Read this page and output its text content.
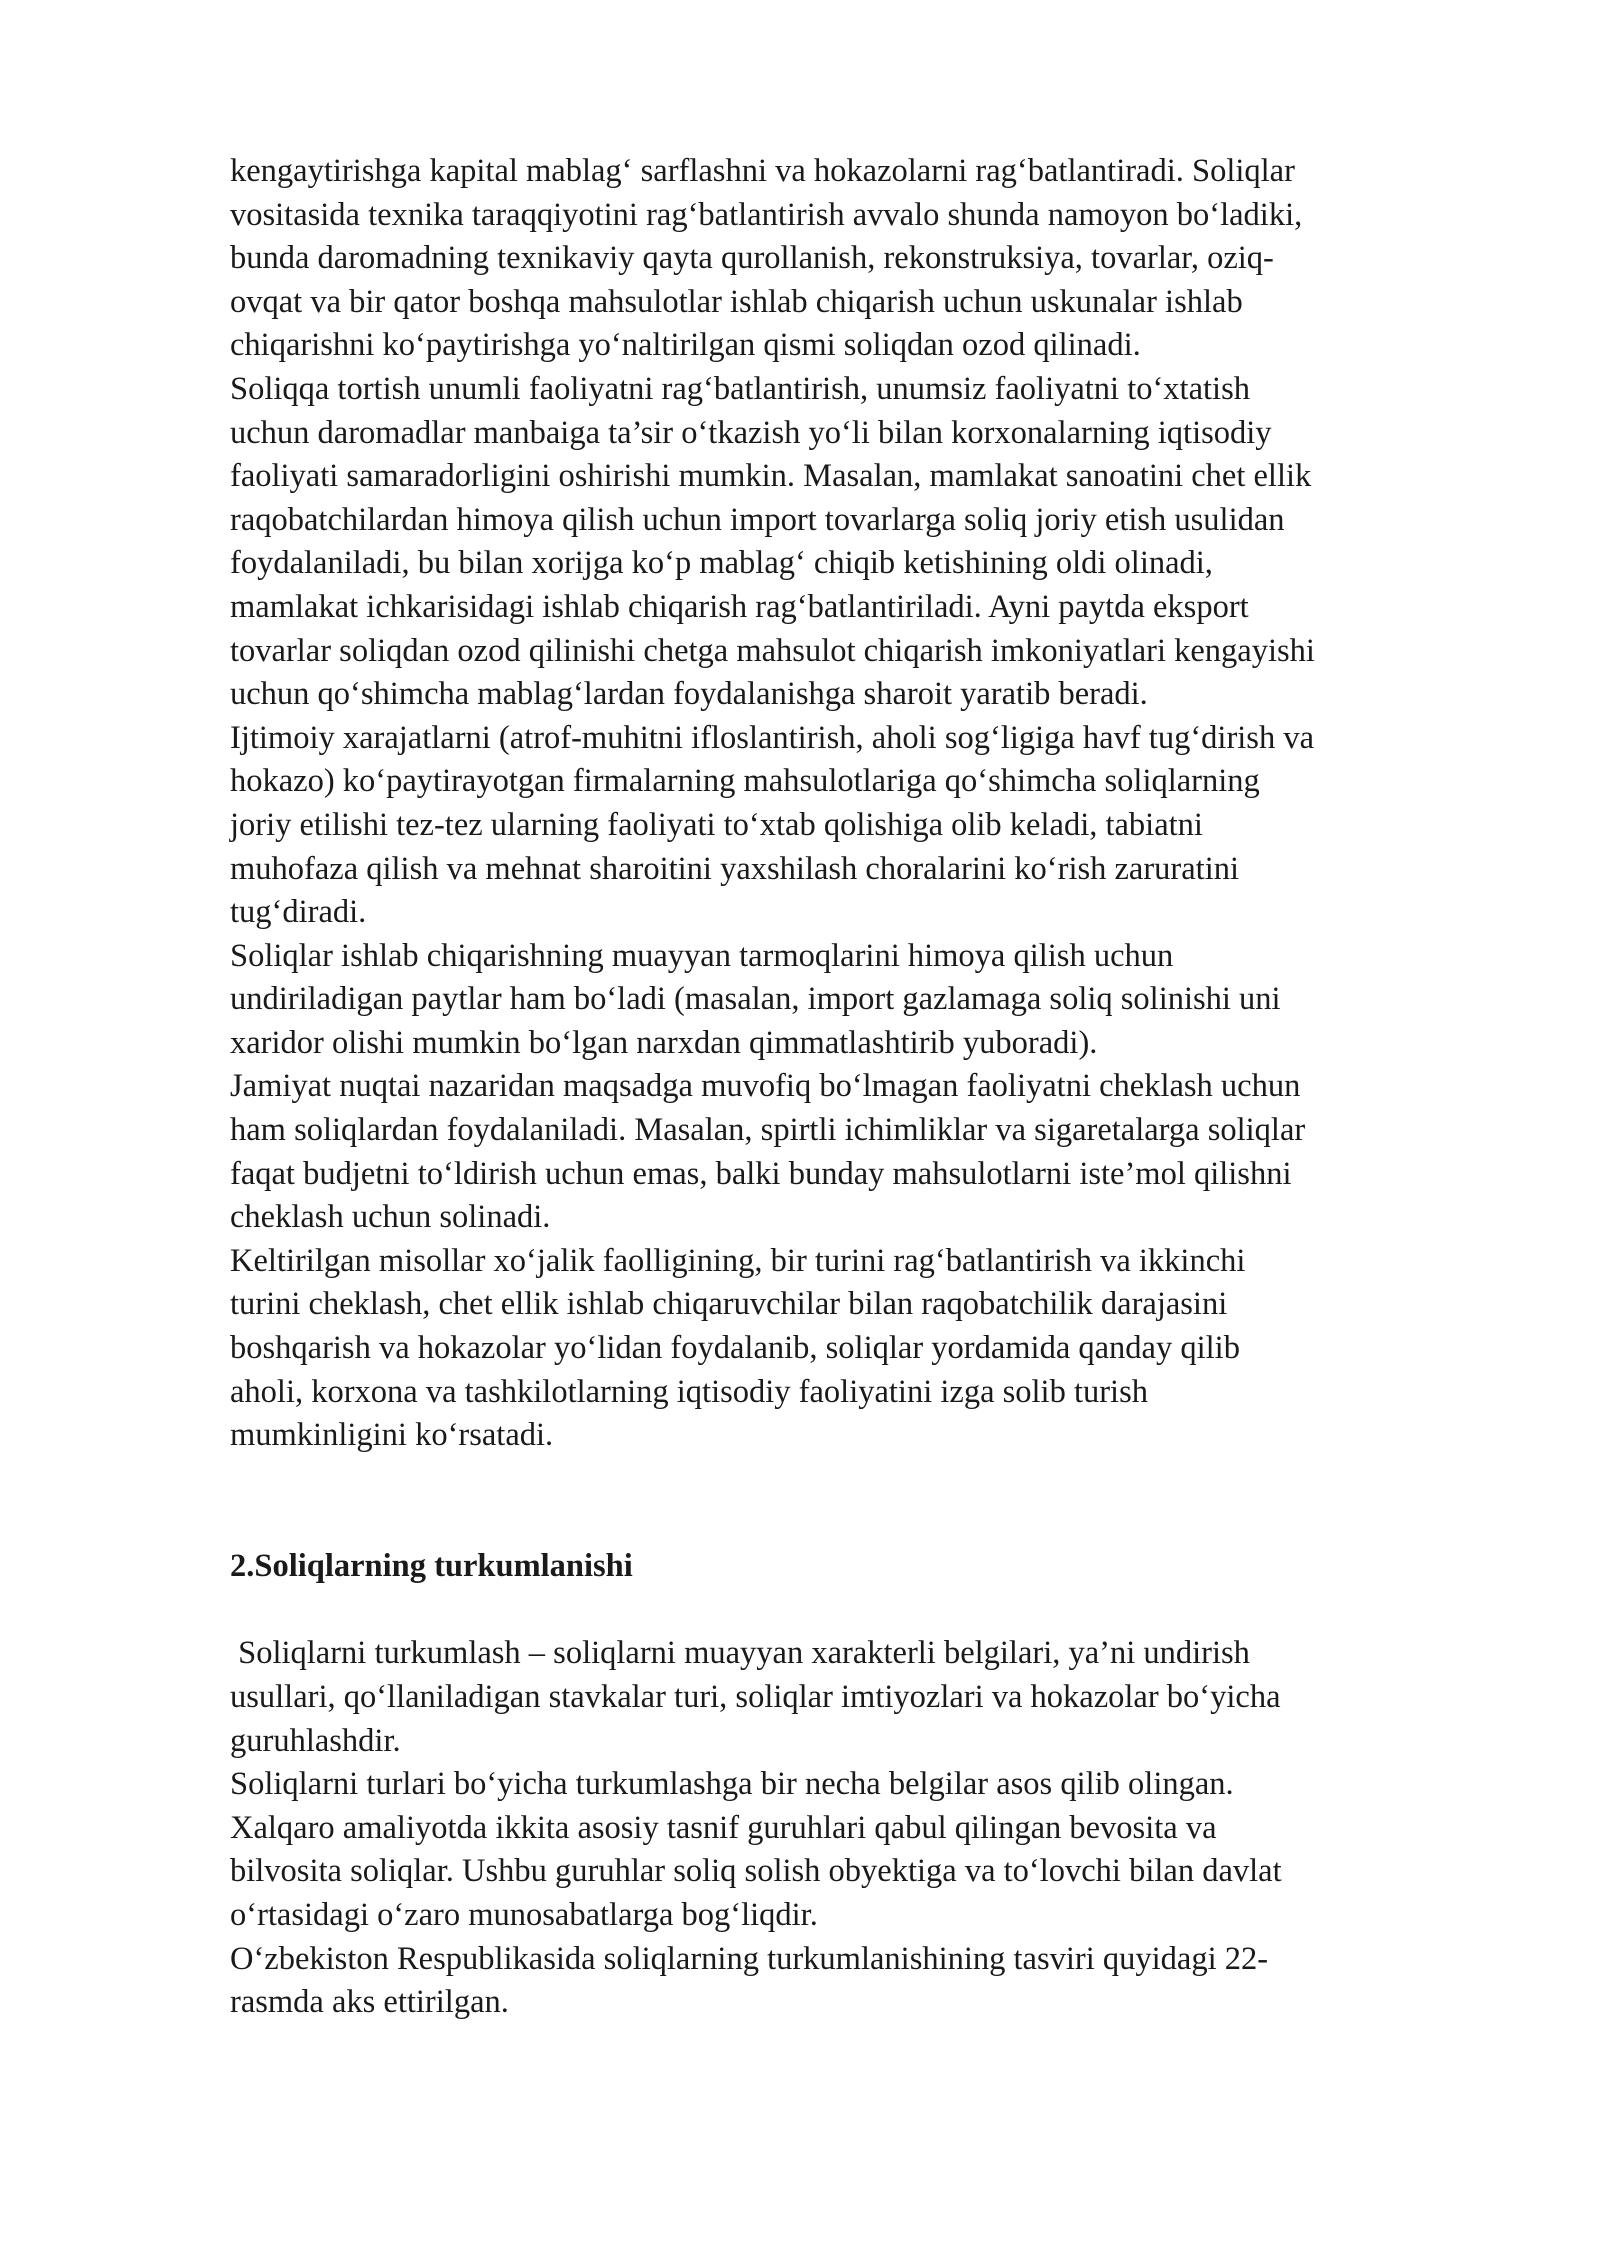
kengaytirishga kapital mablag‘ sarflashni va hokazolarni rag‘batlantiradi. Soliqlar
vositasida texnika taraqqiyotini rag‘batlantirish avvalo shunda namoyon bo‘ladiki,
bunda daromadning texnikaviy qayta qurollanish, rekonstruksiya, tovarlar, oziq-
ovqat va bir qator boshqa mahsulotlar ishlab chiqarish uchun uskunalar ishlab
chiqarishni ko‘paytirishga yo‘naltirilgan qismi soliqdan ozod qilinadi.
Soliqqa tortish unumli faoliyatni rag‘batlantirish, unumsiz faoliyatni to‘xtatish
uchun daromadlar manbaiga ta’sir o‘tkazish yo‘li bilan korxonalarning iqtisodiy
faoliyati samaradorligini oshirishi mumkin. Masalan, mamlakat sanoatini chet ellik
raqobatchilardan himoya qilish uchun import tovarlarga soliq joriy etish usulidan
foydalaniladi, bu bilan xorijga ko‘p mablag‘ chiqib ketishining oldi olinadi,
mamlakat ichkarisidagi ishlab chiqarish rag‘batlantiriladi. Ayni paytda eksport
tovarlar soliqdan ozod qilinishi chetga mahsulot chiqarish imkoniyatlari kengayishi
uchun qo‘shimcha mablag‘lardan foydalanishga sharoit yaratib beradi.
Ijtimoiy xarajatlarni (atrof-muhitni ifloslantirish, aholi sog‘ligiga havf tug‘dirish va
hokazo) ko‘paytirayotgan firmalarning mahsulotlariga qo‘shimcha soliqlarning
joriy etilishi tez-tez ularning faoliyati to‘xtab qolishiga olib keladi, tabiatni
muhofaza qilish va mehnat sharoitini yaxshilash choralarini ko‘rish zaruratini
tug‘diradi.
Soliqlar ishlab chiqarishning muayyan tarmoqlarini himoya qilish uchun
undiriladigan paytlar ham bo‘ladi (masalan, import gazlamaga soliq solinishi uni
xaridor olishi mumkin bo‘lgan narxdan qimmatlashtirib yuboradi).
Jamiyat nuqtai nazaridan maqsadga muvofiq bo‘lmagan faoliyatni cheklash uchun
ham soliqlardan foydalaniladi. Masalan, spirtli ichimliklar va sigaretalarga soliqlar
faqat budjetni to‘ldirish uchun emas, balki bunday mahsulotlarni iste’mol qilishni
cheklash uchun solinadi.
Keltirilgan misollar xo‘jalik faolligining, bir turini rag‘batlantirish va ikkinchi
turini cheklash, chet ellik ishlab chiqaruvchilar bilan raqobatchilik darajasini
boshqarish va hokazolar yo‘lidan foydalanib, soliqlar yordamida qanday qilib
aholi, korxona va tashkilotlarning iqtisodiy faoliyatini izga solib turish
mumkinligini ko‘rsatadi.
2.Soliqlarning turkumlanishi
Soliqlarni turkumlash – soliqlarni muayyan xarakterli belgilari, ya’ni undirish
usullari, qo‘llaniladigan stavkalar turi, soliqlar imtiyozlari va hokazolar bo‘yicha
guruhlashdir.
Soliqlarni turlari bo‘yicha turkumlashga bir necha belgilar asos qilib olingan.
Xalqaro amaliyotda ikkita asosiy tasnif guruhlari qabul qilingan bevosita va
bilvosita soliqlar. Ushbu guruhlar soliq solish obyektiga va to‘lovchi bilan davlat
o‘rtasidagi o‘zaro munosabatlarga bog‘liqdir.
O‘zbekiston Respublikasida soliqlarning turkumlanishining tasviri quyidagi 22-
rasmda aks ettirilgan.
